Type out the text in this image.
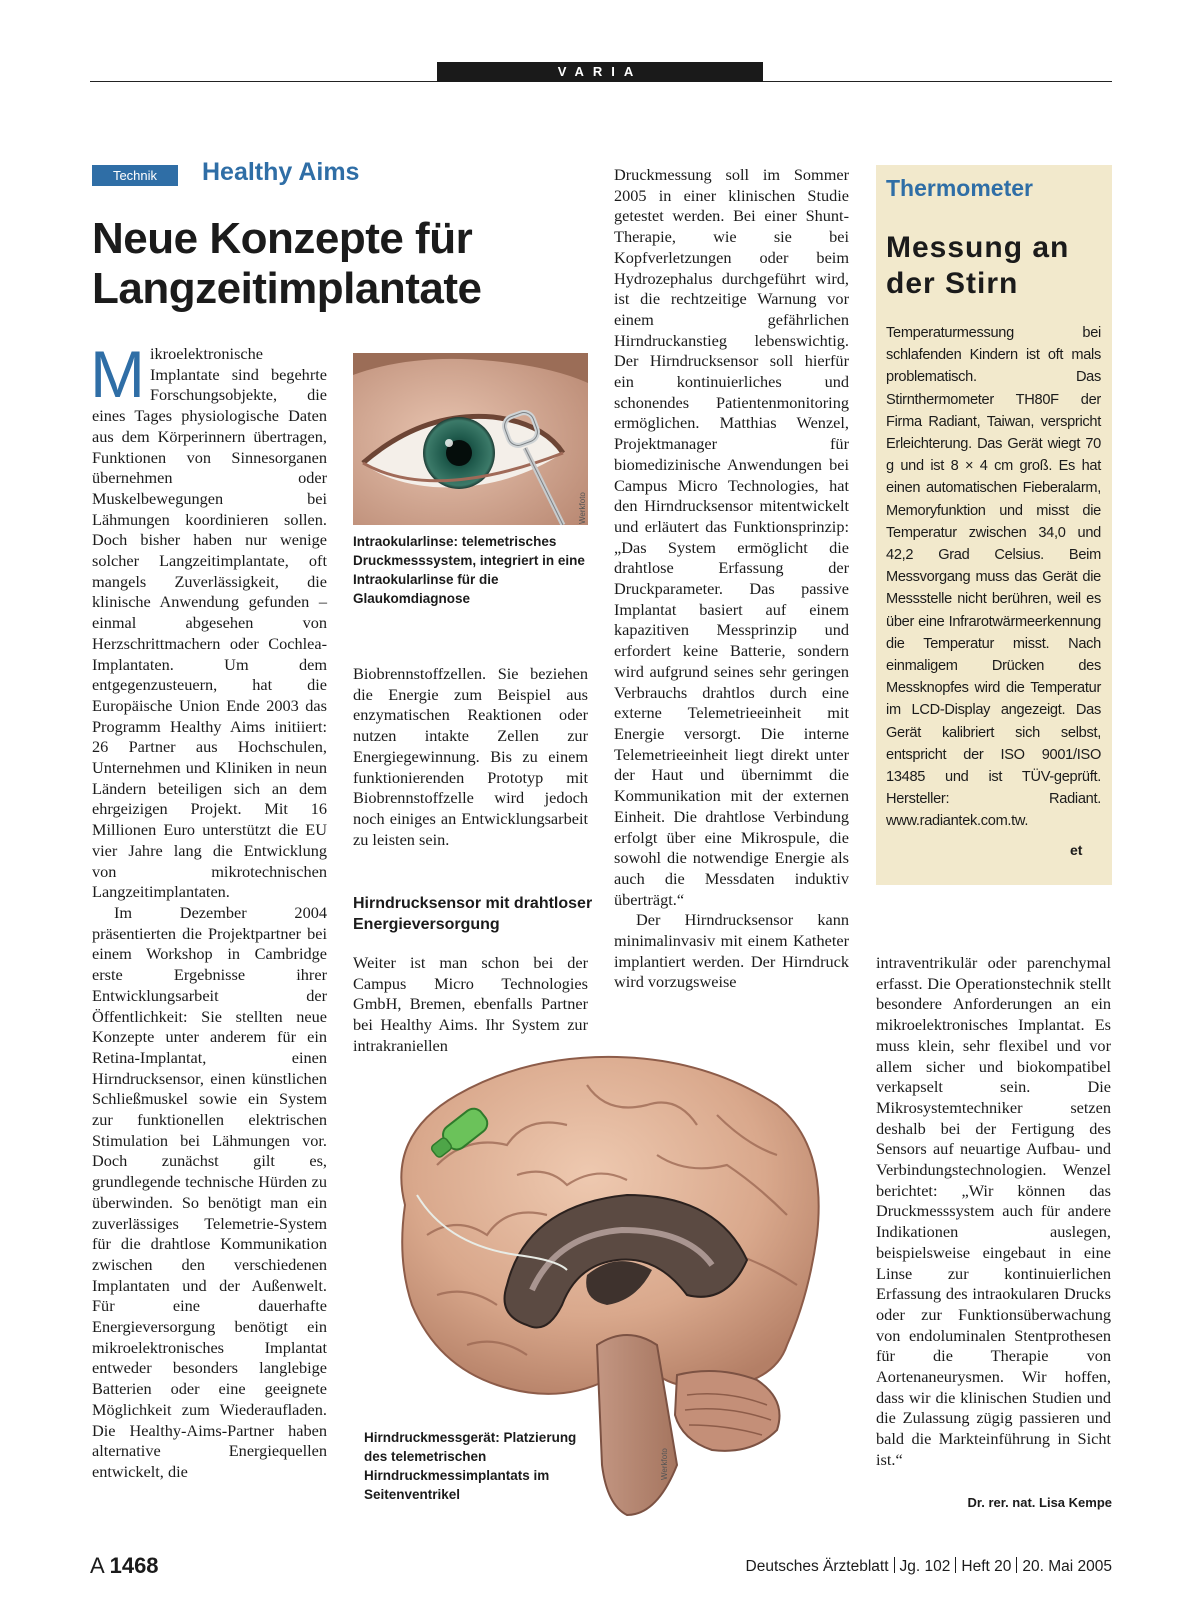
VARIA
Technik	Healthy Aims
Neue Konzepte für Langzeitimplantate

Mikroelektronische Implantate sind begehrte Forschungsobjekte, die eines Tages physiologische Daten aus dem Körperinnern übertragen, Funktionen von Sinnesorganen übernehmen oder Muskelbewegungen bei Lähmungen koordinieren sollen. Doch bisher haben nur wenige solcher Langzeitimplantate, oft mangels Zuverlässigkeit, die klinische Anwendung gefunden – einmal abgesehen von Herzschrittmachern oder Cochlea-Implantaten. Um dem entgegenzusteuern, hat die Europäische Union Ende 2003 das Programm Healthy Aims initiiert: 26 Partner aus Hochschulen, Unternehmen und Kliniken in neun Ländern beteiligen sich an dem ehrgeizigen Projekt. Mit 16 Millionen Euro unterstützt die EU vier Jahre lang die Entwicklung von mikrotechnischen Langzeitimplantaten.

Im Dezember 2004 präsentierten die Projektpartner bei einem Workshop in Cambridge erste Ergebnisse ihrer Entwicklungsarbeit der Öffentlichkeit: Sie stellten neue Konzepte unter anderem für ein Retina-Implantat, einen Hirndrucksensor, einen künstlichen Schließmuskel sowie ein System zur funktionellen elektrischen Stimulation bei Lähmungen vor. Doch zunächst gilt es, grundlegende technische Hürden zu überwinden. So benötigt man ein zuverlässiges Telemetrie-System für die drahtlose Kommunikation zwischen den verschiedenen Implantaten und der Außenwelt. Für eine dauerhafte Energieversorgung benötigt ein mikroelektronisches Implantat entweder besonders langlebige Batterien oder eine geeignete Möglichkeit zum Wiederaufladen. Die Healthy-Aims-Partner haben alternative Energiequellen entwickelt, die

Werkfoto
Intraokularlinse: telemetrisches Druckmesssystem, integriert in eine Intraokularlinse für die Glaukomdiagnose

Biobrennstoffzellen. Sie beziehen die Energie zum Beispiel aus enzymatischen Reaktionen oder nutzen intakte Zellen zur Energiegewinnung. Bis zu einem funktionierenden Prototyp mit Biobrennstoffzelle wird jedoch noch einiges an Entwicklungsarbeit zu leisten sein.

Hirndrucksensor mit drahtloser Energieversorgung

Weiter ist man schon bei der Campus Micro Technologies GmbH, Bremen, ebenfalls Partner bei Healthy Aims. Ihr System zur intrakraniellen

Druckmessung soll im Sommer 2005 in einer klinischen Studie getestet werden. Bei einer Shunt-Therapie, wie sie bei Kopfverletzungen oder beim Hydrozephalus durchgeführt wird, ist die rechtzeitige Warnung vor einem gefährlichen Hirndruckanstieg lebenswichtig. Der Hirndrucksensor soll hierfür ein kontinuierliches und schonendes Patientenmonitoring ermöglichen. Matthias Wenzel, Projektmanager für biomedizinische Anwendungen bei Campus Micro Technologies, hat den Hirndrucksensor mitentwickelt und erläutert das Funktionsprinzip: „Das System ermöglicht die drahtlose Erfassung der Druckparameter. Das passive Implantat basiert auf einem kapazitiven Messprinzip und erfordert keine Batterie, sondern wird aufgrund seines sehr geringen Verbrauchs drahtlos durch eine externe Telemetrieeinheit mit Energie versorgt. Die interne Telemetrieeinheit liegt direkt unter der Haut und übernimmt die Kommunikation mit der externen Einheit. Die drahtlose Verbindung erfolgt über eine Mikrospule, die sowohl die notwendige Energie als auch die Messdaten induktiv überträgt.“

Der Hirndrucksensor kann minimalinvasiv mit einem Katheter implantiert werden. Der Hirndruck wird vorzugsweise

Thermometer
Messung an der Stirn
Temperaturmessung bei schlafenden Kindern ist oft mals problematisch. Das Stirnthermometer TH80F der Firma Radiant, Taiwan, verspricht Erleichterung. Das Gerät wiegt 70 g und ist 8 × 4 cm groß. Es hat einen automatischen Fieberalarm, Memoryfunktion und misst die Temperatur zwischen 34,0 und 42,2 Grad Celsius. Beim Messvorgang muss das Gerät die Messstelle nicht berühren, weil es über eine Infrarotwärmeerkennung die Temperatur misst. Nach einmaligem Drücken des Messknopfes wird die Temperatur im LCD-Display angezeigt. Das Gerät kalibriert sich selbst, entspricht der ISO 9001/ISO 13485 und ist TÜV-geprüft. Hersteller: Radiant. www.radiantek.com.tw.
et
Hirndruckmessgerät: Platzierung des telemetrischen Hirndruckmessimplantats im Seitenventrikel
Werkfoto

intraventrikulär oder parenchymal erfasst. Die Operationstechnik stellt besondere Anforderungen an ein mikroelektronisches Implantat. Es muss klein, sehr flexibel und vor allem sicher und biokompatibel verkapselt sein. Die Mikrosystemtechniker setzen deshalb bei der Fertigung des Sensors auf neuartige Aufbau- und Verbindungstechnologien. Wenzel berichtet: „Wir können das Druckmesssystem auch für andere Indikationen auslegen, beispielsweise eingebaut in eine Linse zur kontinuierlichen Erfassung des intraokularen Drucks oder zur Funktionsüberwachung von endoluminalen Stentprothesen für die Therapie von Aortenaneurysmen. Wir hoffen, dass wir die klinischen Studien und die Zulassung zügig passieren und bald die Markteinführung in Sicht ist.“

Dr. rer. nat. Lisa Kempe
A 1468	Deutsches Ärzteblatt Jg. 102 Heft 20 20. Mai 2005
